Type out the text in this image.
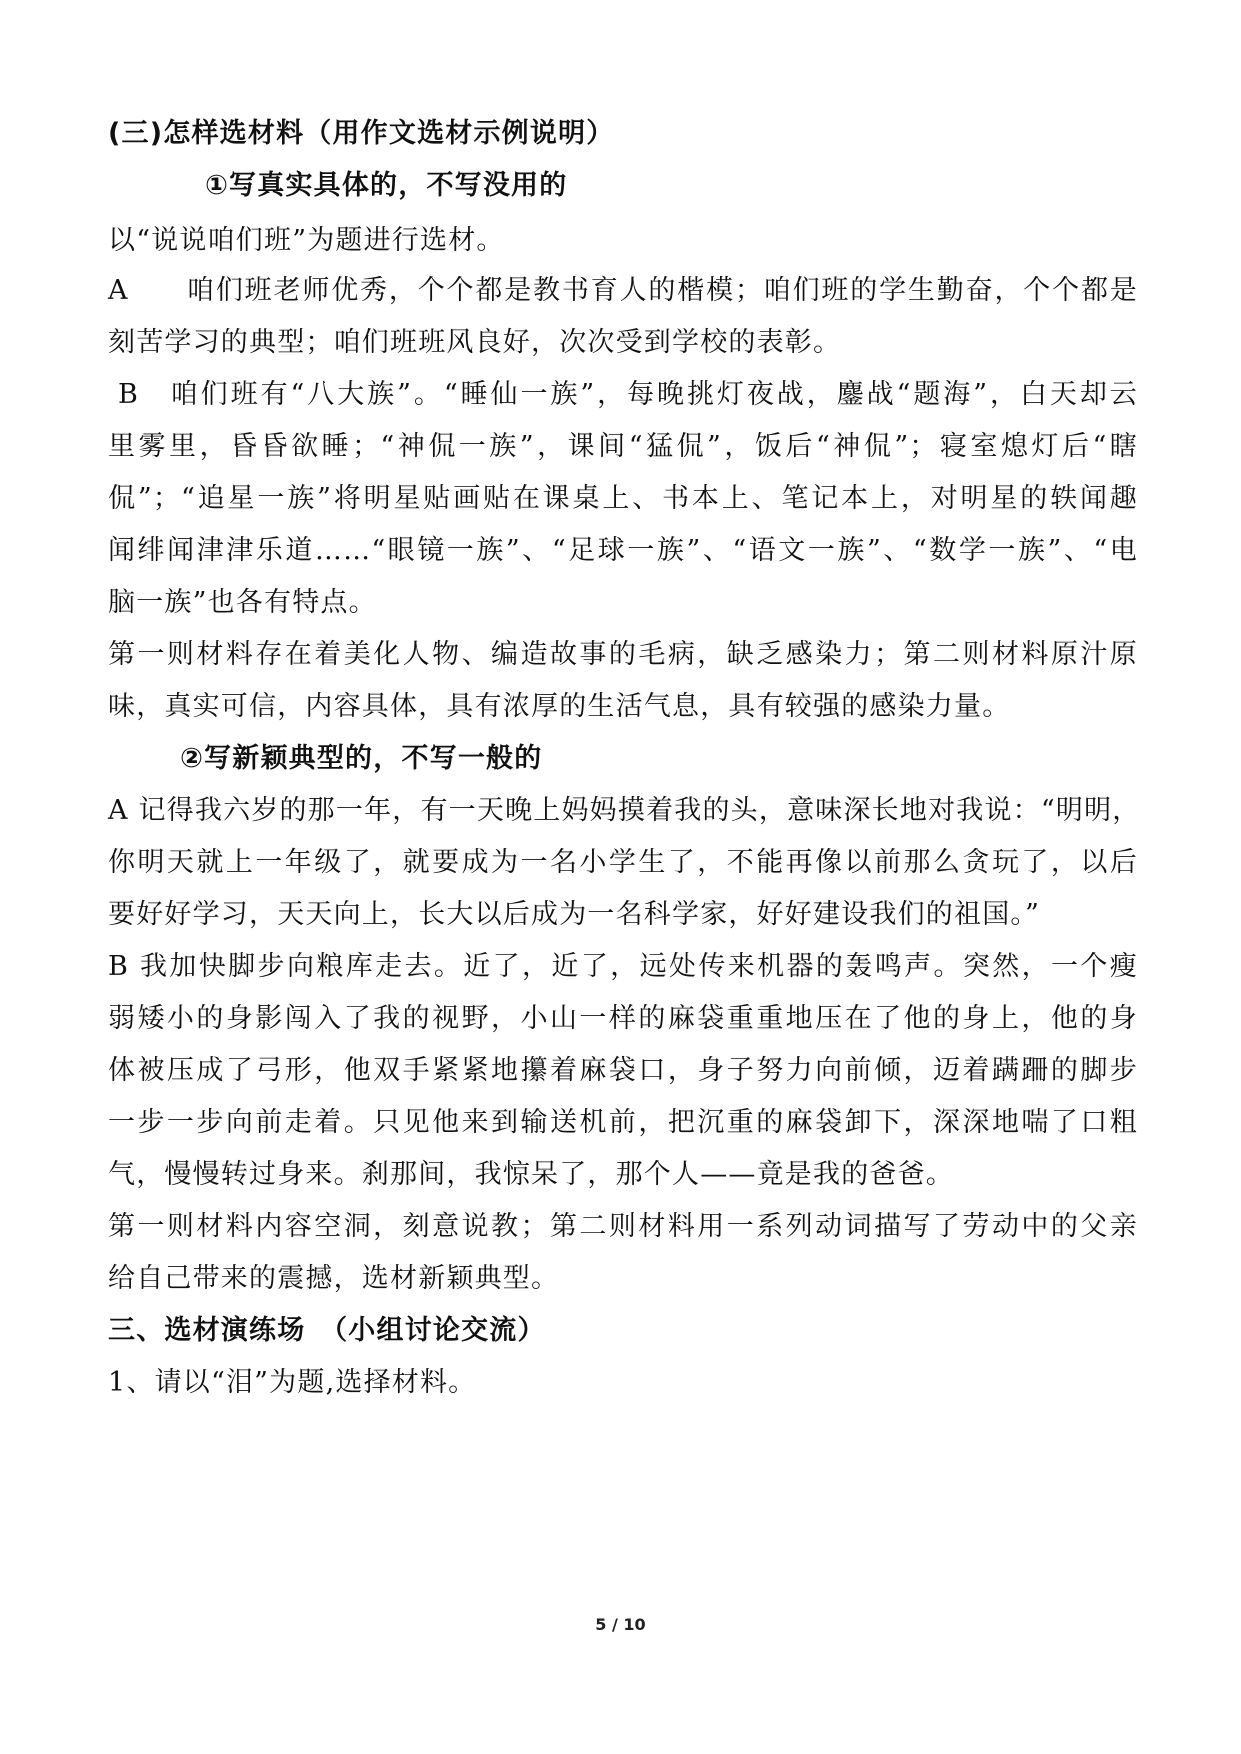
(三)怎样选材料（用作文选材示例说明）
①写真实具体的，不写没用的
以“说说咱们班”为题进行选材。
A　　咱们班老师优秀，个个都是教书育人的楷模；咱们班的学生勤奋，个个都是
刻苦学习的典型；咱们班班风良好，次次受到学校的表彰。
B　咱们班有“八大族”。“睡仙一族”，每晚挑灯夜战，鏖战“题海”，白天却云
里雾里，昏昏欲睡；“神侃一族”，课间“猛侃”，饭后“神侃”；寝室熄灯后“瞎
侃”；“追星一族”将明星贴画贴在课桌上、书本上、笔记本上，对明星的轶闻趣
闻绯闻津津乐道……“眼镜一族”、“足球一族”、“语文一族”、“数学一族”、“电
脑一族”也各有特点。
第一则材料存在着美化人物、编造故事的毛病，缺乏感染力；第二则材料原汁原
味，真实可信，内容具体，具有浓厚的生活气息，具有较强的感染力量。
②写新颖典型的，不写一般的
A 记得我六岁的那一年，有一天晚上妈妈摸着我的头，意味深长地对我说：“明明，
你明天就上一年级了，就要成为一名小学生了，不能再像以前那么贪玩了，以后
要好好学习，天天向上，长大以后成为一名科学家，好好建设我们的祖国。”
B 我加快脚步向粮库走去。近了，近了，远处传来机器的轰鸣声。突然，一个瘦
弱矮小的身影闯入了我的视野，小山一样的麻袋重重地压在了他的身上，他的身
体被压成了弓形，他双手紧紧地攥着麻袋口，身子努力向前倾，迈着蹒跚的脚步
一步一步向前走着。只见他来到输送机前，把沉重的麻袋卸下，深深地喘了口粗
气，慢慢转过身来。刹那间，我惊呆了，那个人——竟是我的爸爸。
第一则材料内容空洞，刻意说教；第二则材料用一系列动词描写了劳动中的父亲
给自己带来的震撼，选材新颖典型。
三、选材演练场　（小组讨论交流）
1、请以“泪”为题,选择材料。
5 / 10
